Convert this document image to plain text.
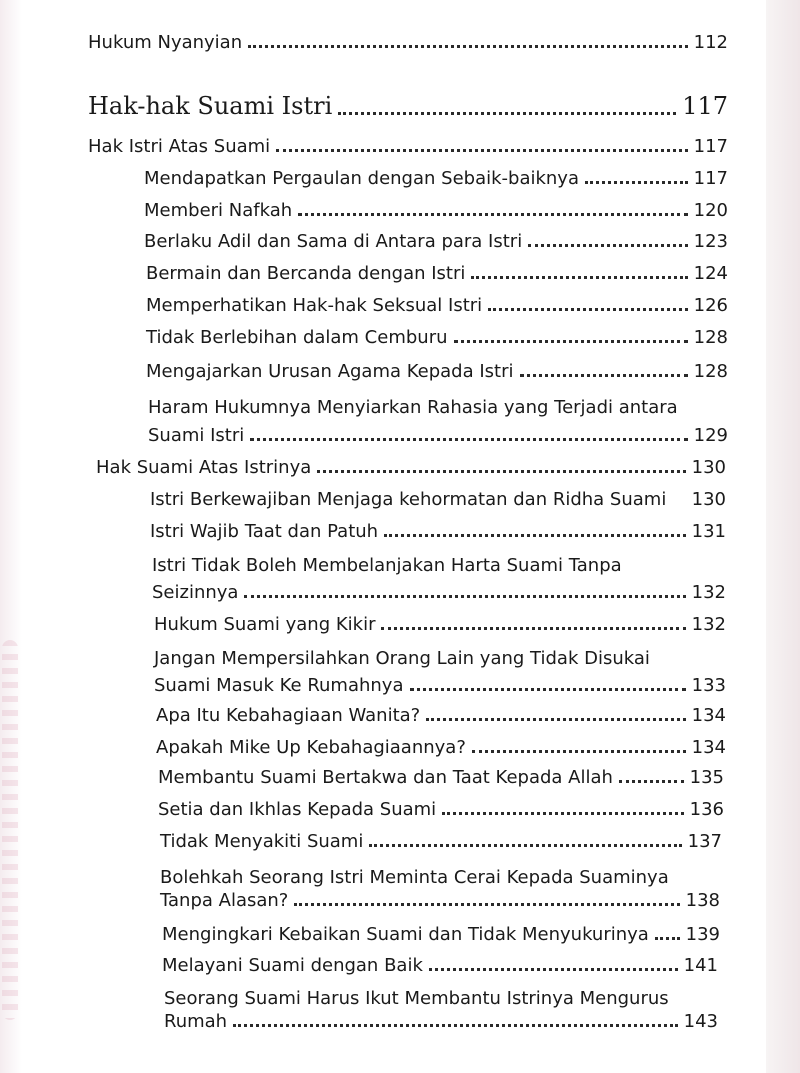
Hukum Nyanyian	112
Hak-hak Suami Istri	117
Hak Istri Atas Suami	117
Mendapatkan Pergaulan dengan Sebaik-baiknya	117
Memberi Nafkah	120
Berlaku Adil dan Sama di Antara para Istri	123
Bermain dan Bercanda dengan Istri	124
Memperhatikan Hak-hak Seksual Istri	126
Tidak Berlebihan dalam Cemburu	128
Mengajarkan Urusan Agama Kepada Istri	128
Haram Hukumnya Menyiarkan Rahasia yang Terjadi antara
Suami Istri	129
Hak Suami Atas Istrinya	130
Istri Berkewajiban Menjaga kehormatan dan Ridha Suami 130
Istri Wajib Taat dan Patuh	131
Istri Tidak Boleh Membelanjakan Harta Suami Tanpa
Seizinnya	132
Hukum Suami yang Kikir	132
Jangan Mempersilahkan Orang Lain yang Tidak Disukai
Suami Masuk Ke Rumahnya	133
Apa Itu Kebahagiaan Wanita?	134
Apakah Mike Up Kebahagiaannya?	134
Membantu Suami Bertakwa dan Taat Kepada Allah	135
Setia dan Ikhlas Kepada Suami	136
Tidak Menyakiti Suami	137
Bolehkah Seorang Istri Meminta Cerai Kepada Suaminya
Tanpa Alasan?	138
Mengingkari Kebaikan Suami dan Tidak Menyukurinya 139
Melayani Suami dengan Baik	141
Seorang Suami Harus Ikut Membantu Istrinya Mengurus
Rumah	143
